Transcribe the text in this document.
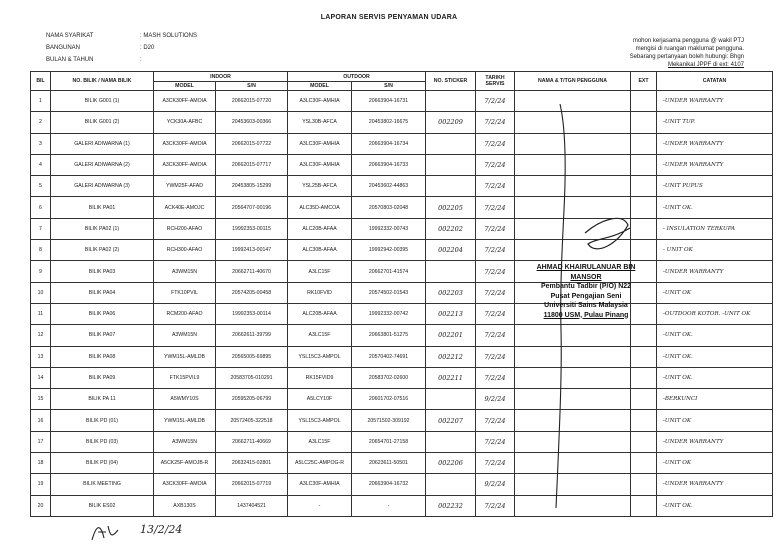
LAPORAN SERVIS PENYAMAN UDARA
NAMA SYARIKAT	: MASH SOLUTIONS
BANGUNAN	: D20
BULAN & TAHUN	:
mohon kerjasama pengguna @ wakil PTJ
mengisi di ruangan maklumat pengguna.
Sebarang pertanyaan boleh hubungi: Bhgn
Mekanikal JPPF di ext: 4107
BIL	NO. BILIK / NAMA BILIK	INDOOR		OUTDOOR		NO. STICKER	TARIKH SERVIS	NAMA & T/TGN PENGGUNA	EXT	CATATAN
		MODEL	S/N	MODEL	S/N					
1	BILIK G001 (1)	A3CK30FF-AMOIA	20662015-07720	A3LC30F-AMHIA	20663904-16731		7/2/24			-UNDER WARRANTY
2	BILIK G001 (2)	YCK30A-AFBC	20453603-00366	YSL30B-AFCA	20453802-16675	002209	7/2/24			-UNIT TUP.
3	GALERI ADIWARNA (1)	A3CK30FF-AMOIA	20662015-07722	A3LC30F-AMHIA	20663904-16734		7/2/24			-UNDER WARRANTY
4	GALERI ADIWARNA (2)	A3CK30FF-AMOIA	20662015-07717	A3LC30F-AMHIA	20663904-16733		7/2/24			-UNDER WARRANTY
5	GALERI ADIWARNA (3)	YWM25F-AFAD	20453805-15299	YSL25B-AFCA	20453602-44863		7/2/24			-UNIT PUPUS
6	BILIK PA01	ACK40E-AMOJC	20564707-00196	ALC35D-AMCOA	20570803-02048	002205	7/2/24			-UNIT OK.
7	BILIK PA02 (1)	RCH200-AFAO	19992353-00115	ALC20B-AFAA	19992332-00743	002202	7/2/24			- INSULATION TERKUPA
8	BILIK PA02 (2)	RCH300-AFAO	19992413-00147	ALC30B-AFAA	19992942-00395	002204	7/2/24			- UNIT OK
9	BILIK PA03	A3WM15N	20662711-40670	A3LC15F	20662701-41574		7/2/24			-UNDER WARRANTY
10	BILIK PA04	FTK10PVIL	20574205-00458	RK10FVID	20574502-01543	002203	7/2/24			-UNIT OK
11	BILIK PA06	RCM200-AFAO	19992353-00114	ALC20B-AFAA	19992332-00742	002213	7/2/24			-OUTDOOR KOTOR. -UNIT OK
12	BILIK PA07	A3WM15N	20662611-39799	A3LC15F	20663801-51275	002201	7/2/24			-UNIT OK.
13	BILIK PA08	YWM15L-AMLDB	20565005-69895	YSL15C3-AMPOL	20570402-74691	002212	7/2/24			-UNIT OK.
14	BILIK PA09	FTK15PVIL9	20583705-010291	RK15FVID9	20583702-02600	002211	7/2/24			-UNIT OK.
15	BILIK PA 11	A5WMY10S	20595205-06799	A5LCY10F	20601702-07516		9/2/24			-BERKUNCI
16	BILIK PD (01)	YWM15L-AMLDB	20572405-322518	YSL15C3-AMPOL	20571502-309192	002207	7/2/24			-UNIT OK
17	BILIK PD (03)	A3WM15N	20662711-40669	A3LC15F	20654701-27158		7/2/24			-UNDER WARRANTY
18	BILIK PD (04)	A5CK25F-AMOJB-R	20632415-02801	A5LC25C-AMPOG-R	20623611-50501	002206	7/2/24			-UNIT OK
19	BILIK MEETING	A3CK30FF-AMOIA	20662015-07719	A3LC30F-AMHIA	20663904-16732		9/2/24			-UNDER WARRANTY
20	BILIK ES02	AXB130S	1437404521	-	-	002232	7/2/24			-UNIT OK.
AHMAD KHAIRULANUAR BIN MANSOR
Pembantu Tadbir (P/O) N22
Pusat Pengajian Seni
Universiti Sains Malaysia
11800 USM, Pulau Pinang
13/2/24
